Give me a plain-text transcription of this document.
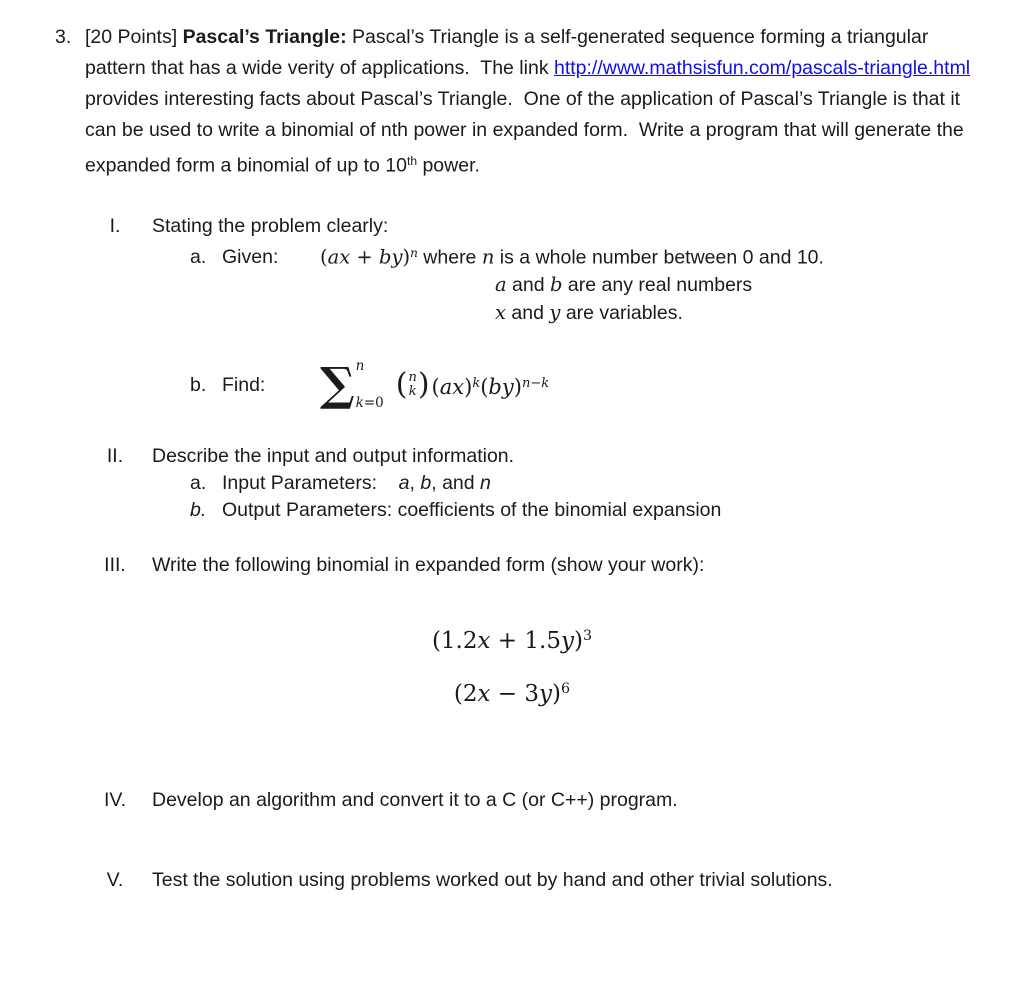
3. [20 Points] Pascal’s Triangle: Pascal’s Triangle is a self-generated sequence forming a triangular pattern that has a wide verity of applications.  The link http://www.mathsisfun.com/pascals-triangle.html provides interesting facts about Pascal’s Triangle.  One of the application of Pascal’s Triangle is that it can be used to write a binomial of nth power in expanded form.  Write a program that will generate the expanded form a binomial of up to 10th power.
I.	Stating the problem clearly:
a. Given:	(ax + by)$^n$ where n is a whole number between 0 and 10.
a and b are any real numbers
x and y are variables.
b. Find:	∑ n
k=0
( n
k ) (ax)$^k$(by)$^{n-k}$
II.	Describe the input and output information.
a. Input Parameters:    a, b, and n
b. Output Parameters: coefficients of the binomial expansion
III.	Write the following binomial in expanded form (show your work):
$(1.2x + 1.5y)^3$
$(2x - 3y)^6$
IV.	Develop an algorithm and convert it to a C (or C++) program.
V.	Test the solution using problems worked out by hand and other trivial solutions.
